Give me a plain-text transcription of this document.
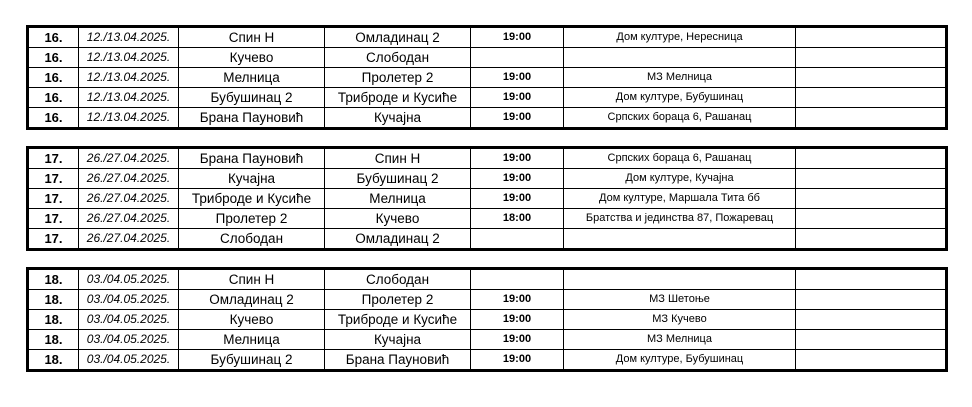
16.	12./13.04.2025.	Спин Н	Омладинац 2	19:00	Дом културе, Нересница	
16.	12./13.04.2025.	Кучево	Слободан			
16.	12./13.04.2025.	Мелница	Пролетер 2	19:00	МЗ Мелница	
16.	12./13.04.2025.	Бубушинац 2	Триброде и Кусиће	19:00	Дом културе, Бубушинац	
16.	12./13.04.2025.	Брана Пауновић	Кучајна	19:00	Српских бораца 6, Рашанац	
17.	26./27.04.2025.	Брана Пауновић	Спин Н	19:00	Српских бораца 6, Рашанац	
17.	26./27.04.2025.	Кучајна	Бубушинац 2	19:00	Дом културе, Кучајна	
17.	26./27.04.2025.	Триброде и Кусиће	Мелница	19:00	Дом културе, Маршала Тита бб	
17.	26./27.04.2025.	Пролетер 2	Кучево	18:00	Братства и јединства 87, Пожаревац	
17.	26./27.04.2025.	Слободан	Омладинац 2			
18.	03./04.05.2025.	Спин Н	Слободан			
18.	03./04.05.2025.	Омладинац 2	Пролетер 2	19:00	МЗ Шетоње	
18.	03./04.05.2025.	Кучево	Триброде и Кусиће	19:00	МЗ Кучево	
18.	03./04.05.2025.	Мелница	Кучајна	19:00	МЗ Мелница	
18.	03./04.05.2025.	Бубушинац 2	Брана Пауновић	19:00	Дом културе, Бубушинац	
